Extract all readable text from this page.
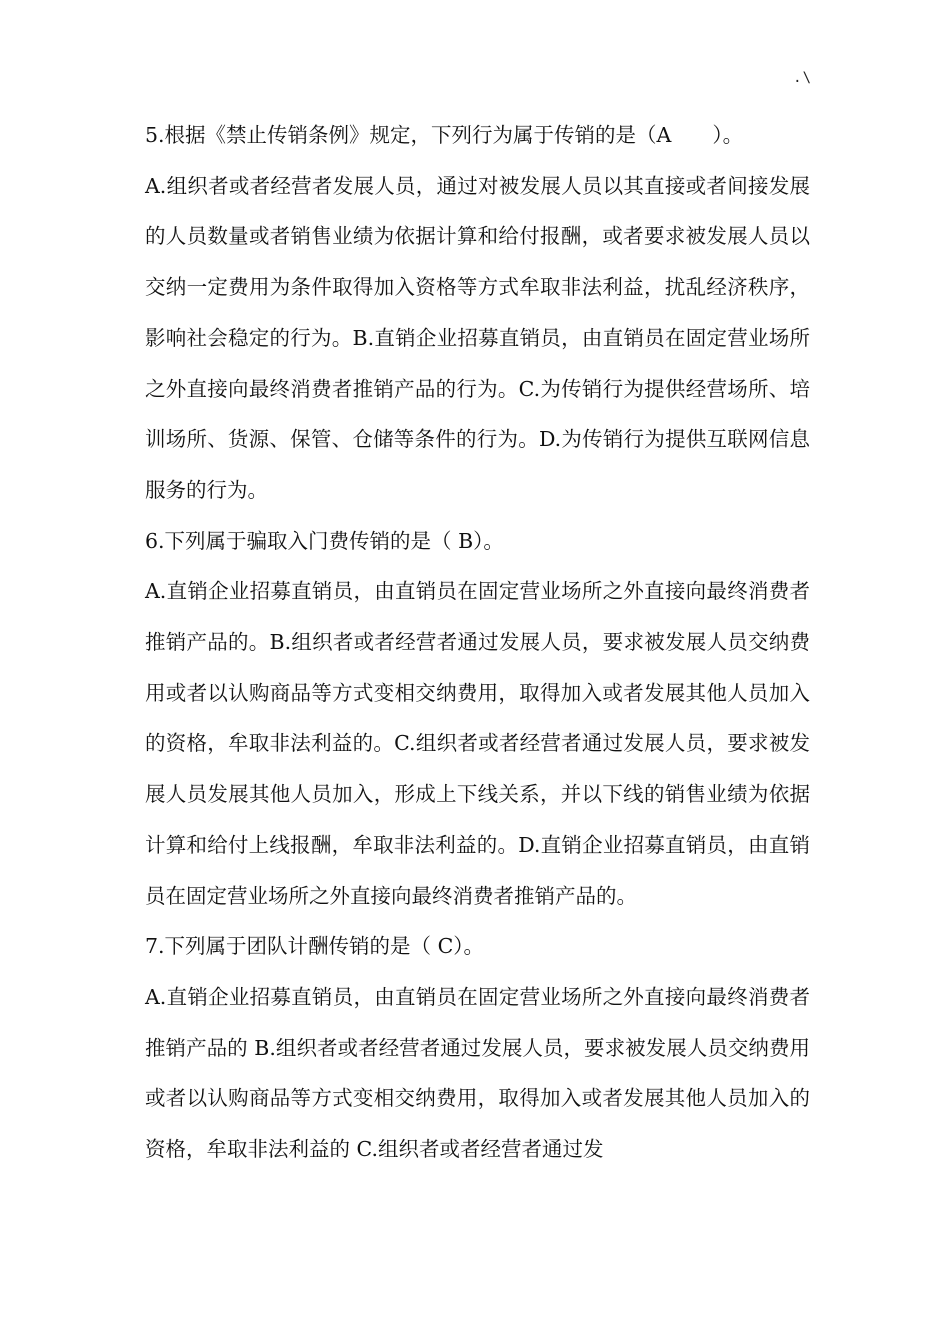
.\

5.根据《禁止传销条例》规定，下列行为属于传销的是（A　　）。

A.组织者或者经营者发展人员，通过对被发展人员以其直接或者间接发展的人员数量或者销售业绩为依据计算和给付报酬，或者要求被发展人员以交纳一定费用为条件取得加入资格等方式牟取非法利益，扰乱经济秩序，影响社会稳定的行为。B.直销企业招募直销员，由直销员在固定营业场所之外直接向最终消费者推销产品的行为。C.为传销行为提供经营场所、培训场所、货源、保管、仓储等条件的行为。D.为传销行为提供互联网信息服务的行为。

6.下列属于骗取入门费传销的是（ B）。

A.直销企业招募直销员，由直销员在固定营业场所之外直接向最终消费者推销产品的。B.组织者或者经营者通过发展人员，要求被发展人员交纳费用或者以认购商品等方式变相交纳费用，取得加入或者发展其他人员加入的资格，牟取非法利益的。C.组织者或者经营者通过发展人员，要求被发展人员发展其他人员加入，形成上下线关系，并以下线的销售业绩为依据计算和给付上线报酬，牟取非法利益的。D.直销企业招募直销员，由直销员在固定营业场所之外直接向最终消费者推销产品的。

7.下列属于团队计酬传销的是（ C）。

A.直销企业招募直销员，由直销员在固定营业场所之外直接向最终消费者推销产品的 B.组织者或者经营者通过发展人员，要求被发展人员交纳费用或者以认购商品等方式变相交纳费用，取得加入或者发展其他人员加入的资格，牟取非法利益的 C.组织者或者经营者通过发
